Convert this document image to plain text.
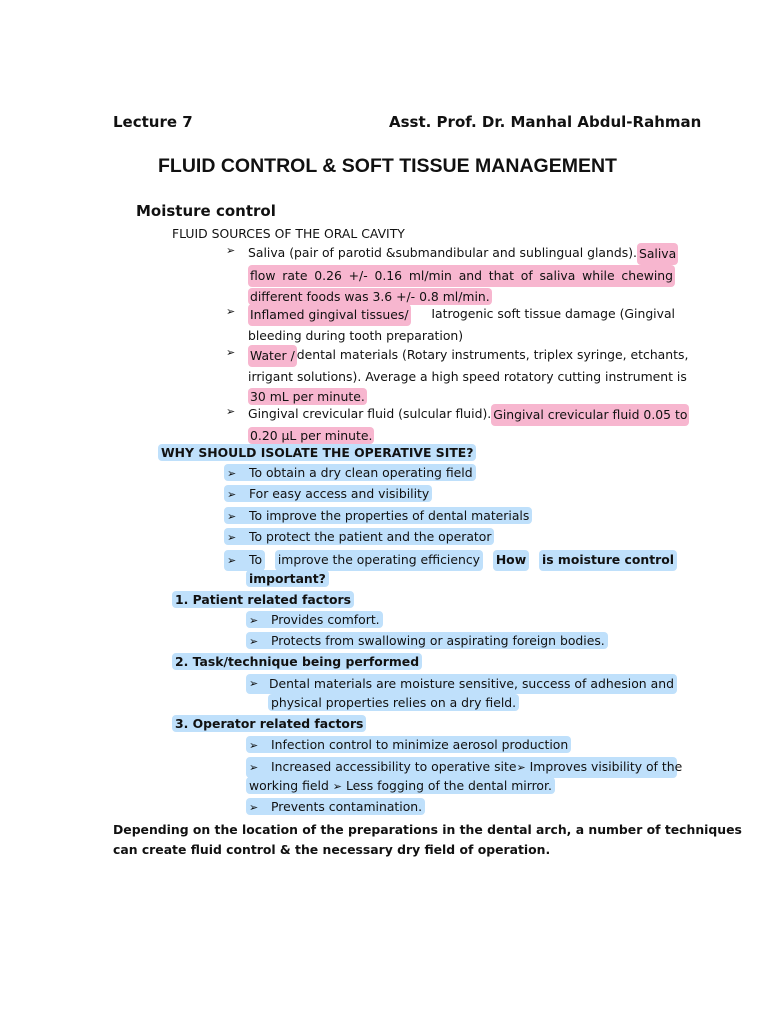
Lecture 7	Asst. Prof. Dr. Manhal Abdul-Rahman
FLUID CONTROL & SOFT TISSUE MANAGEMENT
Moisture control
FLUID SOURCES OF THE ORAL CAVITY
➢ Saliva (pair of parotid &submandibular and sublingual glands). Saliva
flow rate 0.26 +/- 0.16 ml/min and that of saliva while chewing
different foods was 3.6 +/- 0.8 ml/min.
➢ Inflamed gingival tissues/ Iatrogenic soft tissue damage (Gingival
bleeding during tooth preparation)
➢ Water / dental materials (Rotary instruments, triplex syringe, etchants,
irrigant solutions). Average a high speed rotatory cutting instrument is
30 mL per minute.
➢ Gingival crevicular fluid (sulcular fluid). Gingival crevicular fluid 0.05 to
0.20 µL per minute.
WHY SHOULD ISOLATE THE OPERATIVE SITE?
➢ To obtain a dry clean operating field
➢ For easy access and visibility
➢ To improve the properties of dental materials
➢ To protect the patient and the operator
➢ To improve the operating efficiency How is moisture control
important?
1. Patient related factors
➢ Provides comfort.
➢ Protects from swallowing or aspirating foreign bodies.
2. Task/technique being performed
➢ Dental materials are moisture sensitive, success of adhesion and
physical properties relies on a dry field.
3. Operator related factors
➢ Infection control to minimize aerosol production
➢ Increased accessibility to operative site ➢ Improves visibility of the
working field ➢ Less fogging of the dental mirror.
➢ Prevents contamination.
Depending on the location of the preparations in the dental arch, a number of techniques
can create fluid control & the necessary dry field of operation.
